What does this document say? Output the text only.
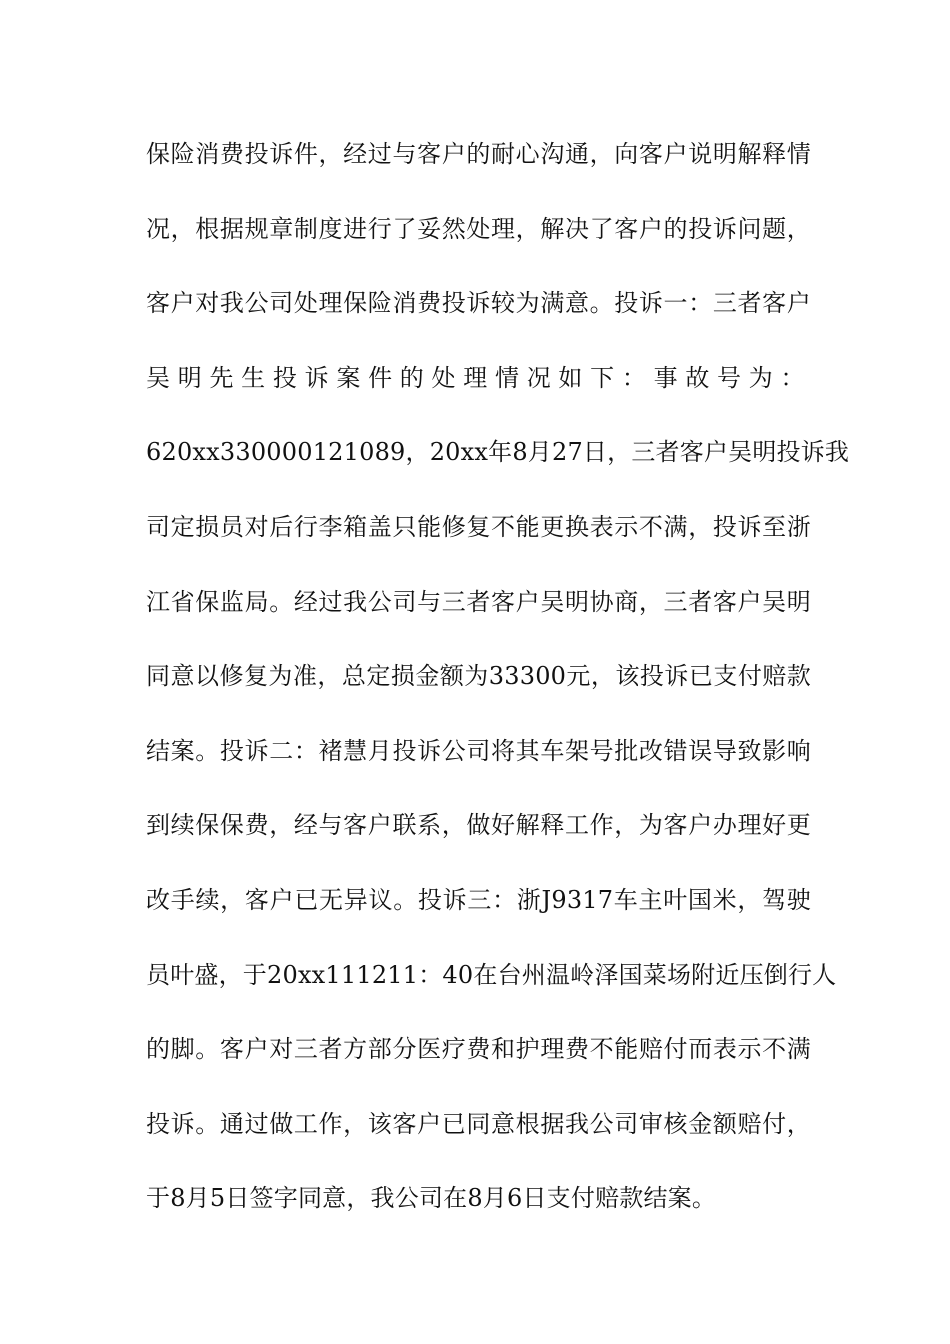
保险消费投诉件，经过与客户的耐心沟通，向客户说明解释情
况，根据规章制度进行了妥然处理，解决了客户的投诉问题，
客户对我公司处理保险消费投诉较为满意。投诉一：三者客户
吴明先生投诉案件的处理情况如下：事故号为：
620xx330000121089，20xx年8月27日，三者客户吴明投诉我
司定损员对后行李箱盖只能修复不能更换表示不满，投诉至浙
江省保监局。经过我公司与三者客户吴明协商，三者客户吴明
同意以修复为准，总定损金额为33300元，该投诉已支付赔款
结案。投诉二：褚慧月投诉公司将其车架号批改错误导致影响
到续保保费，经与客户联系，做好解释工作，为客户办理好更
改手续，客户已无异议。投诉三：浙J9317车主叶国米，驾驶
员叶盛，于20xx111211：40在台州温岭泽国菜场附近压倒行人
的脚。客户对三者方部分医疗费和护理费不能赔付而表示不满
投诉。通过做工作，该客户已同意根据我公司审核金额赔付，
于8月5日签字同意，我公司在8月6日支付赔款结案。
